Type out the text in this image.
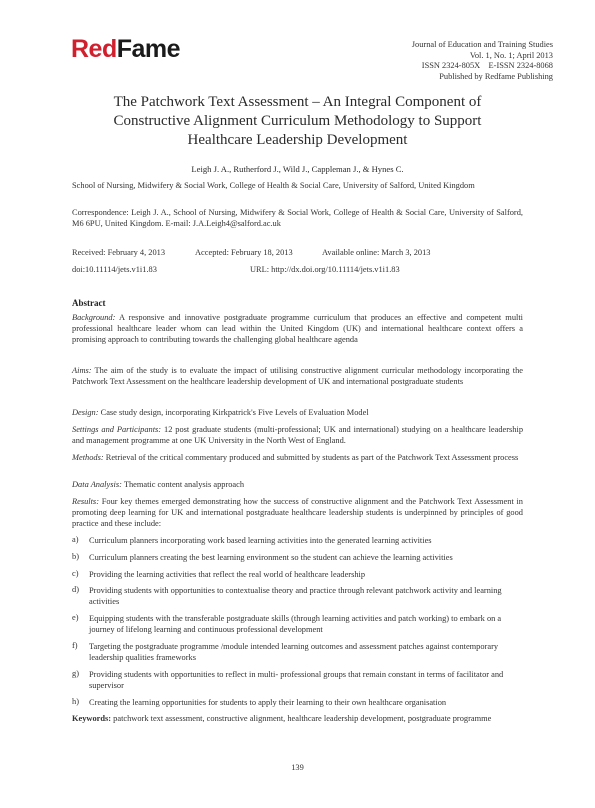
RedFame	Journal of Education and Training Studies
Vol. 1, No. 1; April 2013
ISSN 2324-805X    E-ISSN 2324-8068
Published by Redfame Publishing
The Patchwork Text Assessment – An Integral Component of
Constructive Alignment Curriculum Methodology to Support
Healthcare Leadership Development
Leigh J. A., Rutherford J., Wild J., Cappleman J., & Hynes C.
School of Nursing, Midwifery & Social Work, College of Health & Social Care, University of Salford, United Kingdom
Correspondence: Leigh J. A., School of Nursing, Midwifery & Social Work, College of Health & Social Care, University of Salford, M6 6PU, United Kingdom. E-mail: J.A.Leigh4@salford.ac.uk
Received: February 4, 2013	Accepted: February 18, 2013	Available online: March 3, 2013
doi:10.11114/jets.v1i1.83	URL: http://dx.doi.org/10.11114/jets.v1i1.83
Abstract
Background: A responsive and innovative postgraduate programme curriculum that produces an effective and competent multi professional healthcare leader whom can lead within the United Kingdom (UK) and international healthcare context offers a promising approach to contributing towards the challenging global healthcare agenda
Aims: The aim of the study is to evaluate the impact of utilising constructive alignment curricular methodology incorporating the Patchwork Text Assessment on the healthcare leadership development of UK and international postgraduate students
Design: Case study design, incorporating Kirkpatrick's Five Levels of Evaluation Model
Settings and Participants: 12 post graduate students (multi-professional; UK and international) studying on a healthcare leadership and management programme at one UK University in the North West of England.
Methods: Retrieval of the critical commentary produced and submitted by students as part of the Patchwork Text Assessment process
Data Analysis: Thematic content analysis approach
Results: Four key themes emerged demonstrating how the success of constructive alignment and the Patchwork Text Assessment in promoting deep learning for UK and international postgraduate healthcare leadership students is underpinned by principles of good practice and these include:
a) Curriculum planners incorporating work based learning activities into the generated learning activities
b) Curriculum planners creating the best learning environment so the student can achieve the learning activities
c) Providing the learning activities that reflect the real world of healthcare leadership
d) Providing students with opportunities to contextualise theory and practice through relevant patchwork activity and learning activities
e) Equipping students with the transferable postgraduate skills (through learning activities and patch working) to embark on a journey of lifelong learning and continuous professional development
f) Targeting the postgraduate programme /module intended learning outcomes and assessment patches against contemporary leadership qualities frameworks
g) Providing students with opportunities to reflect in multi- professional groups that remain constant in terms of facilitator and supervisor
h) Creating the learning opportunities for students to apply their learning to their own healthcare organisation
Keywords: patchwork text assessment, constructive alignment, healthcare leadership development, postgraduate programme
139
